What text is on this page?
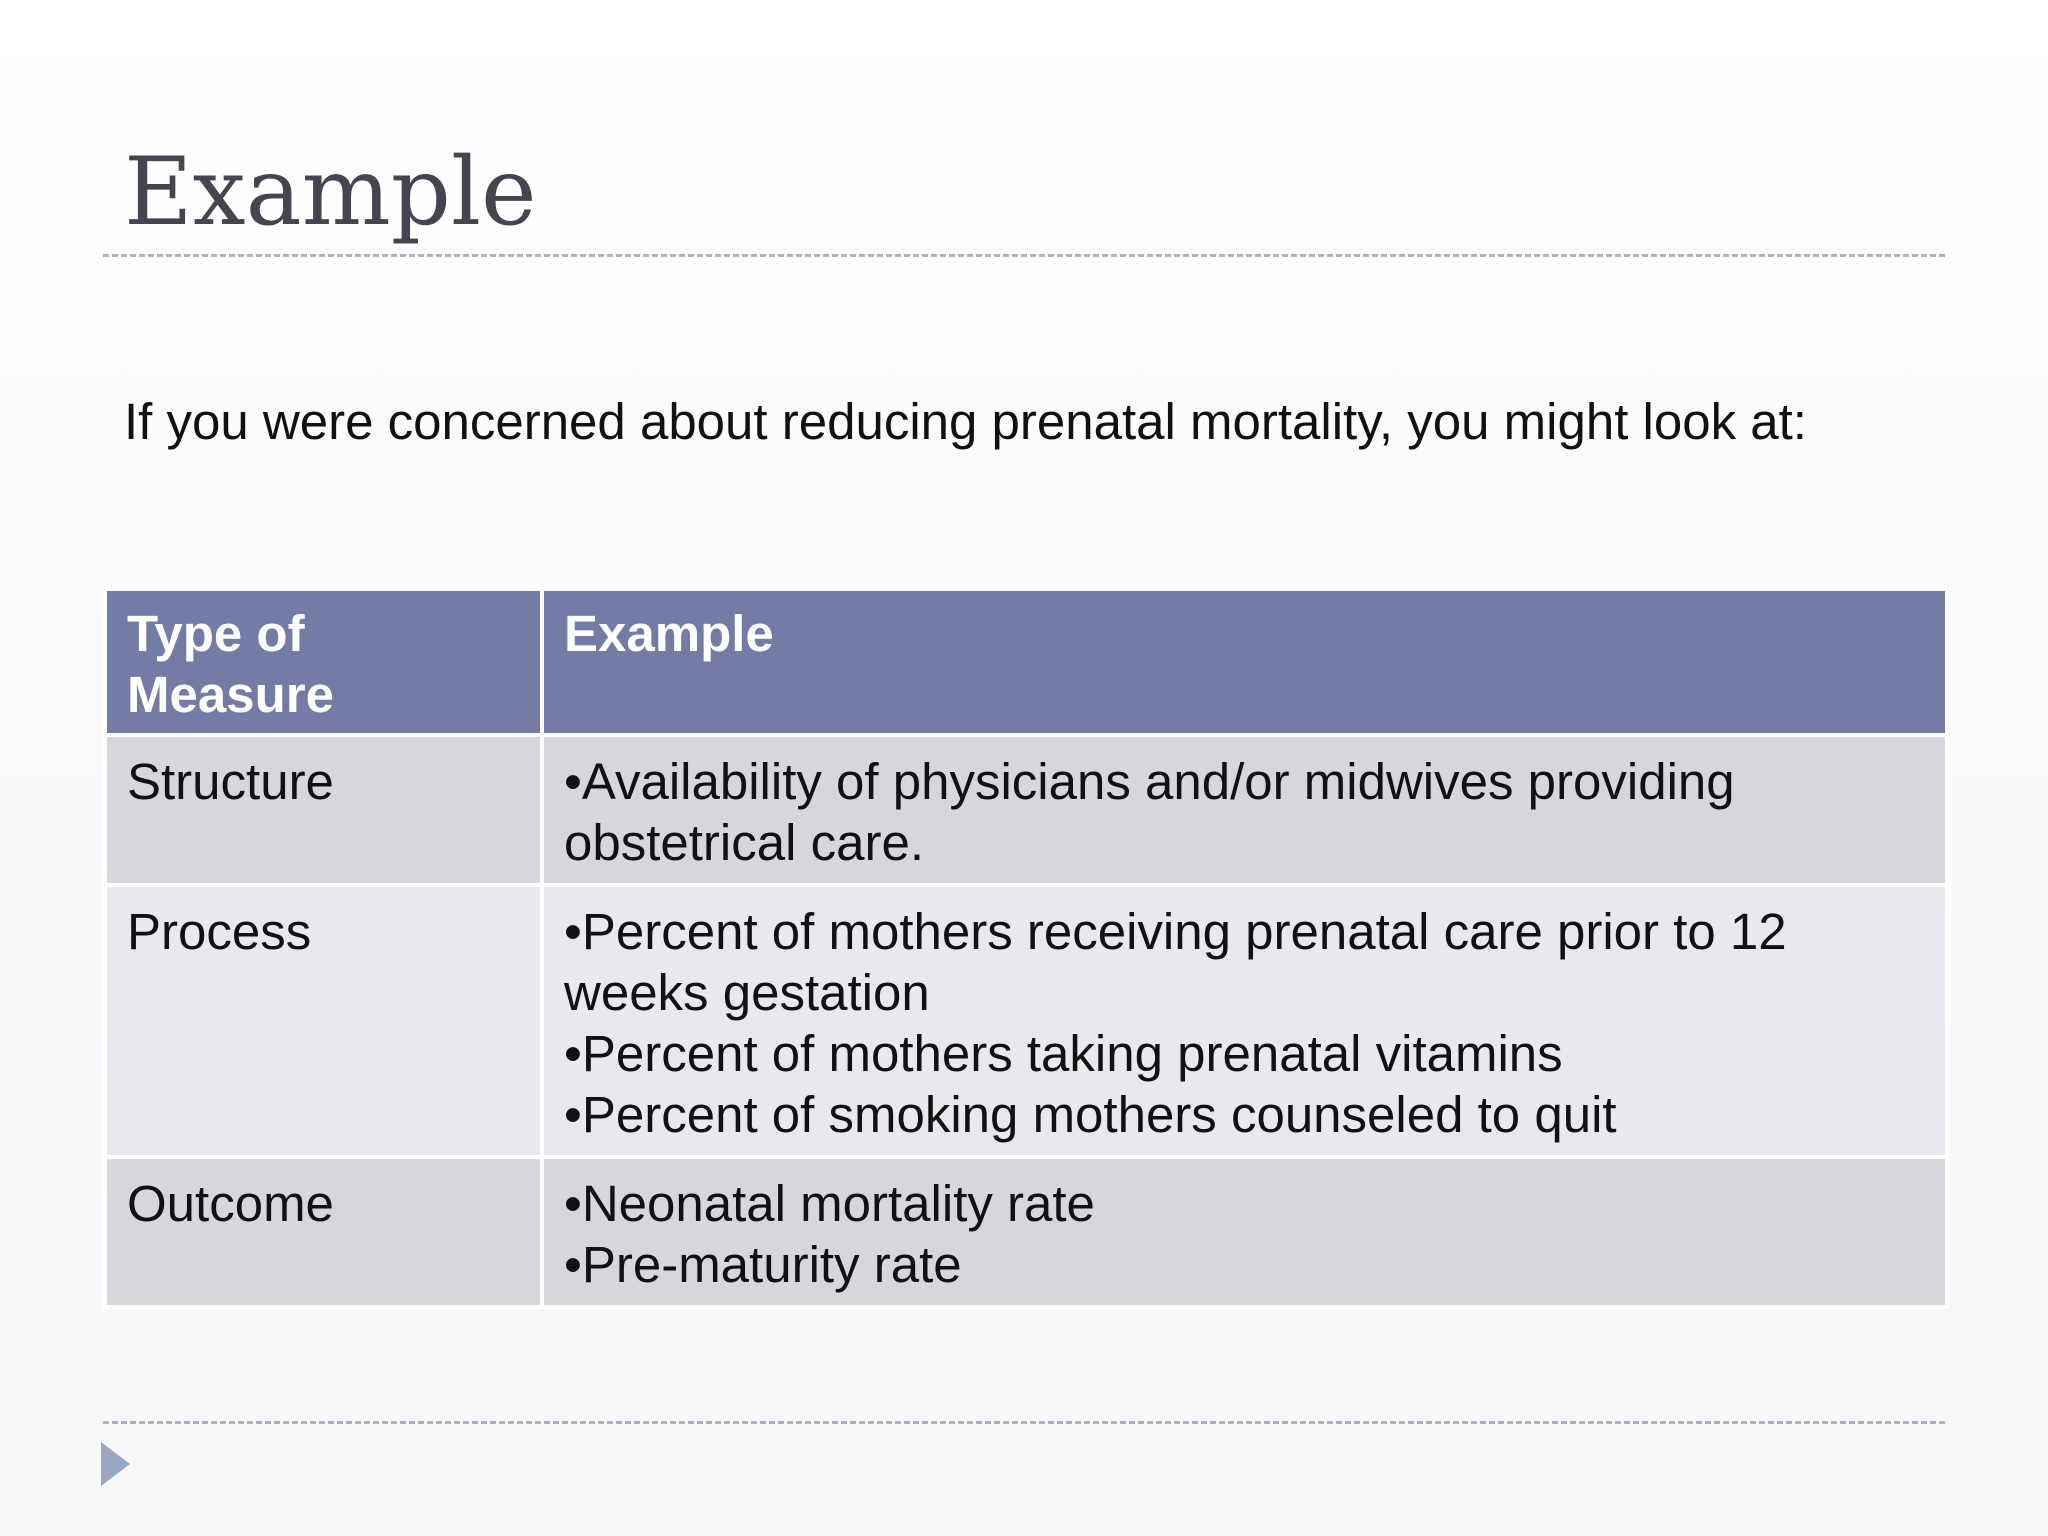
Example

If you were concerned about reducing prenatal mortality, you might look at:

Type of Measure	Example
Structure	•Availability of physicians and/or midwives providing
obstetrical care.

Process	•Percent of mothers receiving prenatal care prior to 12
weeks gestation
•Percent of mothers taking prenatal vitamins
•Percent of smoking mothers counseled to quit

Outcome	•Neonatal mortality rate
•Pre-maturity rate
